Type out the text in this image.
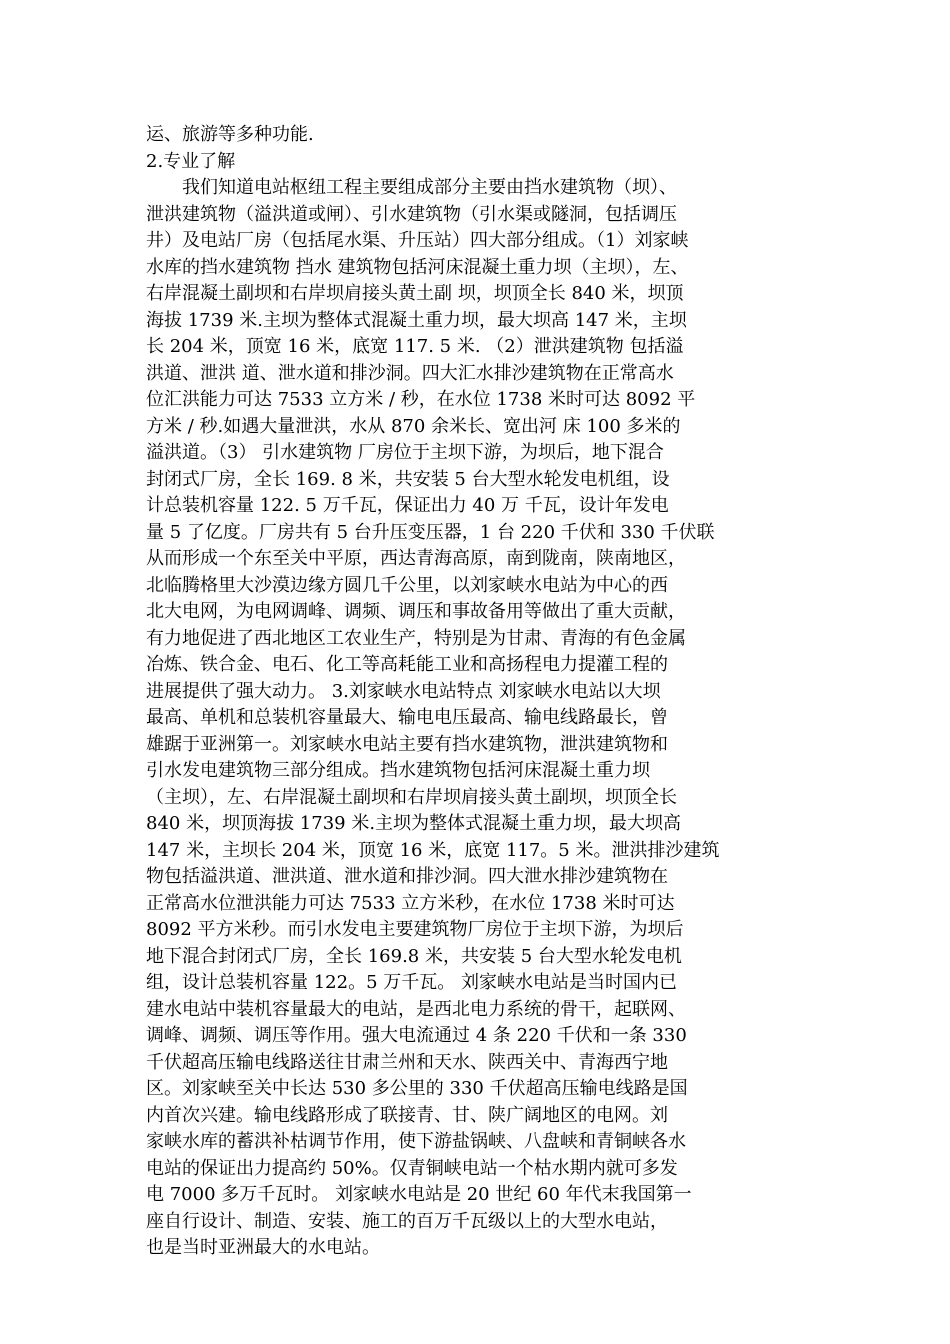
运、旅游等多种功能.
2.专业了解
　　我们知道电站枢纽工程主要组成部分主要由挡水建筑物（坝）、
泄洪建筑物（溢洪道或闸）、引水建筑物（引水渠或隧洞，包括调压
井）及电站厂房（包括尾水渠、升压站）四大部分组成。（1）刘家峡
水库的挡水建筑物 挡水 建筑物包括河床混凝土重力坝（主坝），左、
右岸混凝土副坝和右岸坝肩接头黄土副 坝，坝顶全长 840 米，坝顶
海拔 1739 米.主坝为整体式混凝土重力坝，最大坝高 147 米，主坝
长 204 米，顶宽 16 米，底宽 117. 5 米. （2）泄洪建筑物 包括溢
洪道、泄洪 道、泄水道和排沙洞。四大汇水排沙建筑物在正常高水
位汇洪能力可达 7533 立方米 / 秒，在水位 1738 米时可达 8092 平
方米 / 秒.如遇大量泄洪，水从 870 余米长、宽出河 床 100 多米的
溢洪道。（3） 引水建筑物 厂房位于主坝下游，为坝后，地下混合
封闭式厂房，全长 169. 8 米，共安装 5 台大型水轮发电机组，设
计总装机容量 122. 5 万千瓦，保证出力 40 万 千瓦，设计年发电
量 5 了亿度。厂房共有 5 台升压变压器，1 台 220 千伏和 330 千伏联
从而形成一个东至关中平原，西达青海高原，南到陇南，陕南地区，
北临腾格里大沙漠边缘方圆几千公里，以刘家峡水电站为中心的西
北大电网，为电网调峰、调频、调压和事故备用等做出了重大贡献，
有力地促进了西北地区工农业生产，特别是为甘肃、青海的有色金属
冶炼、铁合金、电石、化工等高耗能工业和高扬程电力提灌工程的
进展提供了强大动力。 3.刘家峡水电站特点 刘家峡水电站以大坝
最高、单机和总装机容量最大、输电电压最高、输电线路最长，曾
雄踞于亚洲第一。刘家峡水电站主要有挡水建筑物，泄洪建筑物和
引水发电建筑物三部分组成。挡水建筑物包括河床混凝土重力坝
（主坝），左、右岸混凝土副坝和右岸坝肩接头黄土副坝，坝顶全长
840 米，坝顶海拔 1739 米.主坝为整体式混凝土重力坝，最大坝高
147 米，主坝长 204 米，顶宽 16 米，底宽 117。5 米。泄洪排沙建筑
物包括溢洪道、泄洪道、泄水道和排沙洞。四大泄水排沙建筑物在
正常高水位泄洪能力可达 7533 立方米秒，在水位 1738 米时可达
8092 平方米秒。而引水发电主要建筑物厂房位于主坝下游，为坝后
地下混合封闭式厂房，全长 169.8 米，共安装 5 台大型水轮发电机
组，设计总装机容量 122。5 万千瓦。 刘家峡水电站是当时国内已
建水电站中装机容量最大的电站，是西北电力系统的骨干，起联网、
调峰、调频、调压等作用。强大电流通过 4 条 220 千伏和一条 330
千伏超高压输电线路送往甘肃兰州和天水、陕西关中、青海西宁地
区。刘家峡至关中长达 530 多公里的 330 千伏超高压输电线路是国
内首次兴建。输电线路形成了联接青、甘、陕广阔地区的电网。刘
家峡水库的蓄洪补枯调节作用，使下游盐锅峡、八盘峡和青铜峡各水
电站的保证出力提高约 50%。仅青铜峡电站一个枯水期内就可多发
电 7000 多万千瓦时。 刘家峡水电站是 20 世纪 60 年代末我国第一
座自行设计、制造、安装、施工的百万千瓦级以上的大型水电站，
也是当时亚洲最大的水电站。
